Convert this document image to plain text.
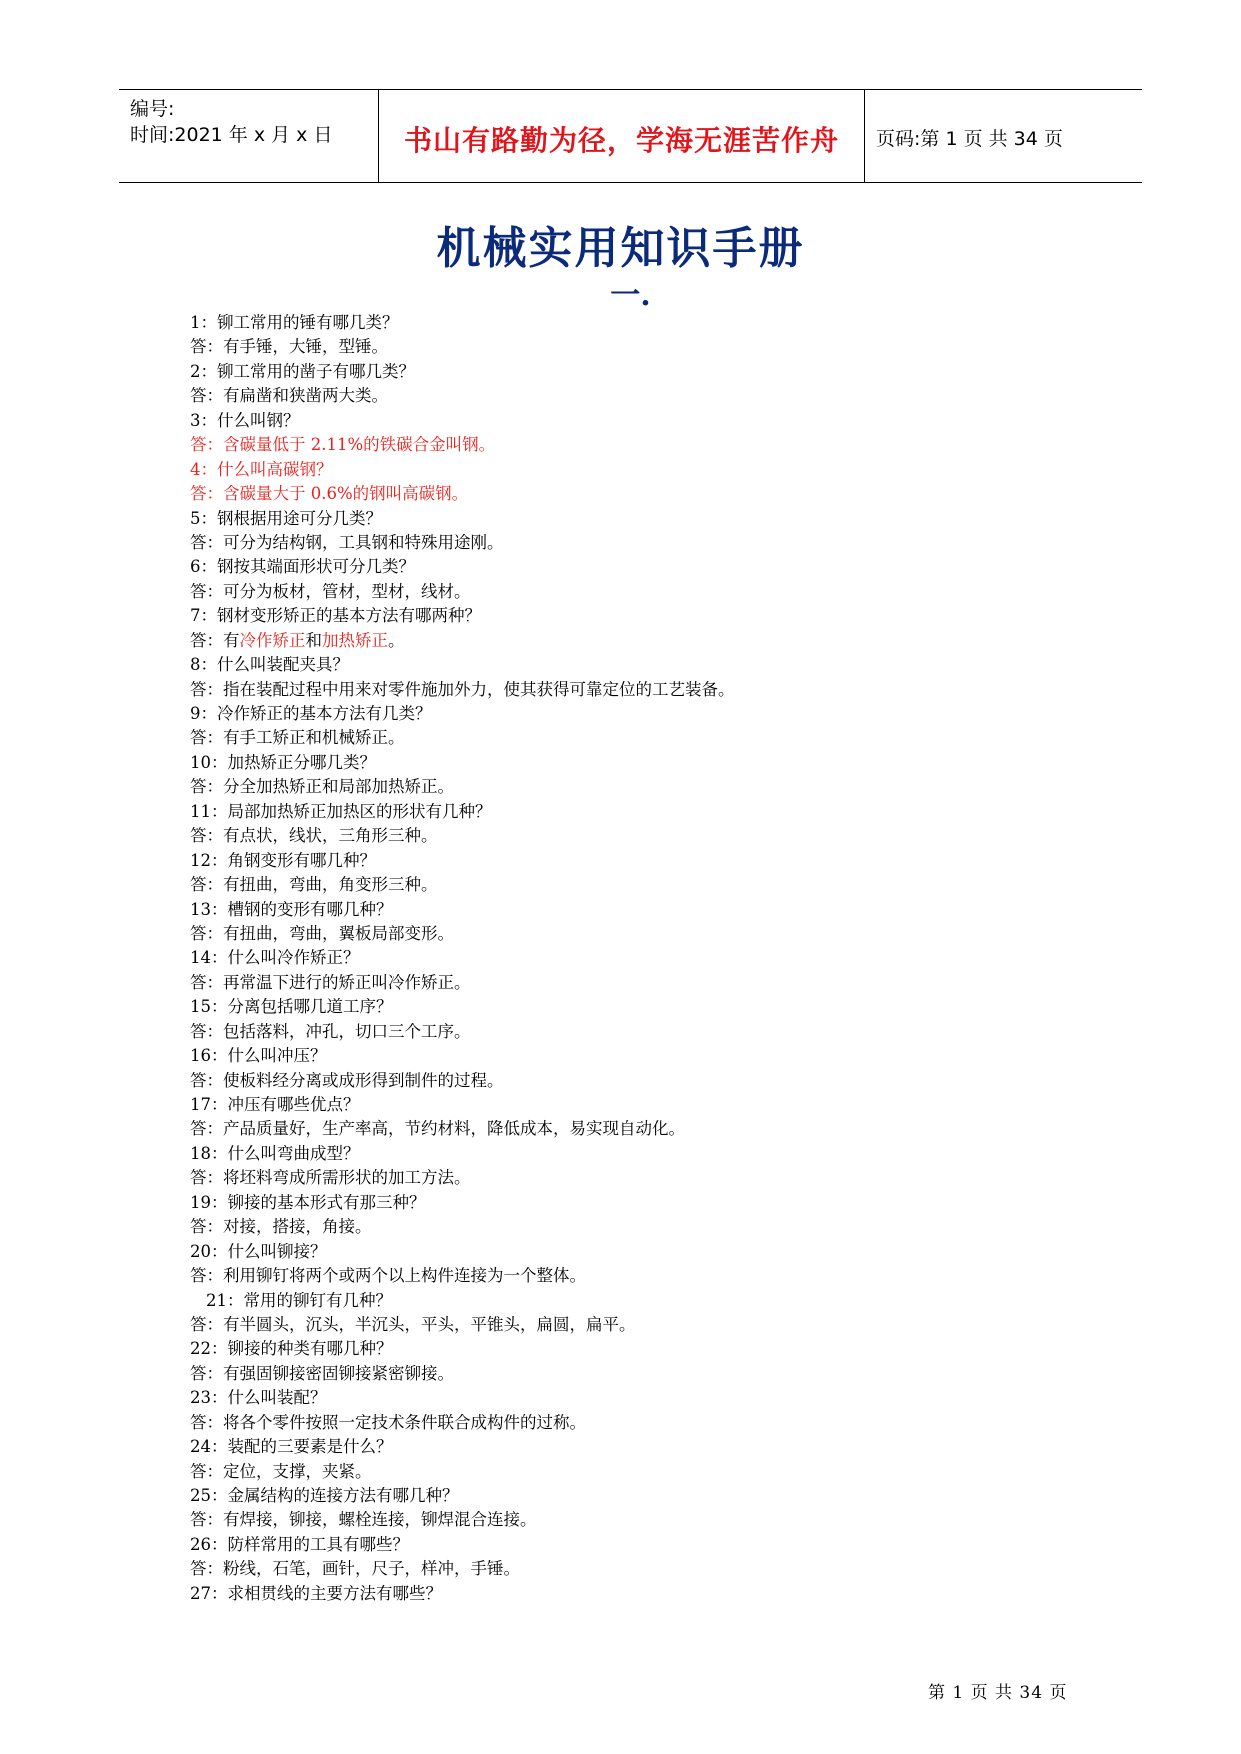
编号:
时间:2021 年 x 月 x 日	书山有路勤为径，学海无涯苦作舟	页码:第 1 页 共 34 页
机械实用知识手册
一.
1：铆工常用的锤有哪几类？
答：有手锤，大锤，型锤。
2：铆工常用的凿子有哪几类？
答：有扁凿和狭凿两大类。
3：什么叫钢？
答：含碳量低于 2.11%的铁碳合金叫钢。
4：什么叫高碳钢？
答：含碳量大于 0.6%的钢叫高碳钢。
5：钢根据用途可分几类？
答：可分为结构钢，工具钢和特殊用途刚。
6：钢按其端面形状可分几类？
答：可分为板材，管材，型材，线材。
7：钢材变形矫正的基本方法有哪两种？
答：有冷作矫正和加热矫正。
8：什么叫装配夹具？
答：指在装配过程中用来对零件施加外力，使其获得可靠定位的工艺装备。
9：冷作矫正的基本方法有几类？
答：有手工矫正和机械矫正。
10：加热矫正分哪几类？
答：分全加热矫正和局部加热矫正。
11：局部加热矫正加热区的形状有几种？
答：有点状，线状，三角形三种。
12：角钢变形有哪几种？
答：有扭曲，弯曲，角变形三种。
13：槽钢的变形有哪几种？
答：有扭曲，弯曲，翼板局部变形。
14：什么叫冷作矫正？
答：再常温下进行的矫正叫冷作矫正。
15：分离包括哪几道工序？
答：包括落料，冲孔，切口三个工序。
16：什么叫冲压？
答：使板料经分离或成形得到制件的过程。
17：冲压有哪些优点？
答：产品质量好，生产率高，节约材料，降低成本，易实现自动化。
18：什么叫弯曲成型？
答：将坯料弯成所需形状的加工方法。
19：铆接的基本形式有那三种？
答：对接，搭接，角接。
20：什么叫铆接？
答：利用铆钉将两个或两个以上构件连接为一个整体。
21：常用的铆钉有几种？
答：有半圆头，沉头，半沉头，平头，平锥头，扁圆，扁平。
22：铆接的种类有哪几种？
答：有强固铆接密固铆接紧密铆接。
23：什么叫装配？
答：将各个零件按照一定技术条件联合成构件的过称。
24：装配的三要素是什么？
答：定位，支撑，夹紧。
25：金属结构的连接方法有哪几种？
答：有焊接，铆接，螺栓连接，铆焊混合连接。
26：防样常用的工具有哪些？
答：粉线，石笔，画针，尺子，样冲，手锤。
27：求相贯线的主要方法有哪些？
第 1 页 共 34 页
